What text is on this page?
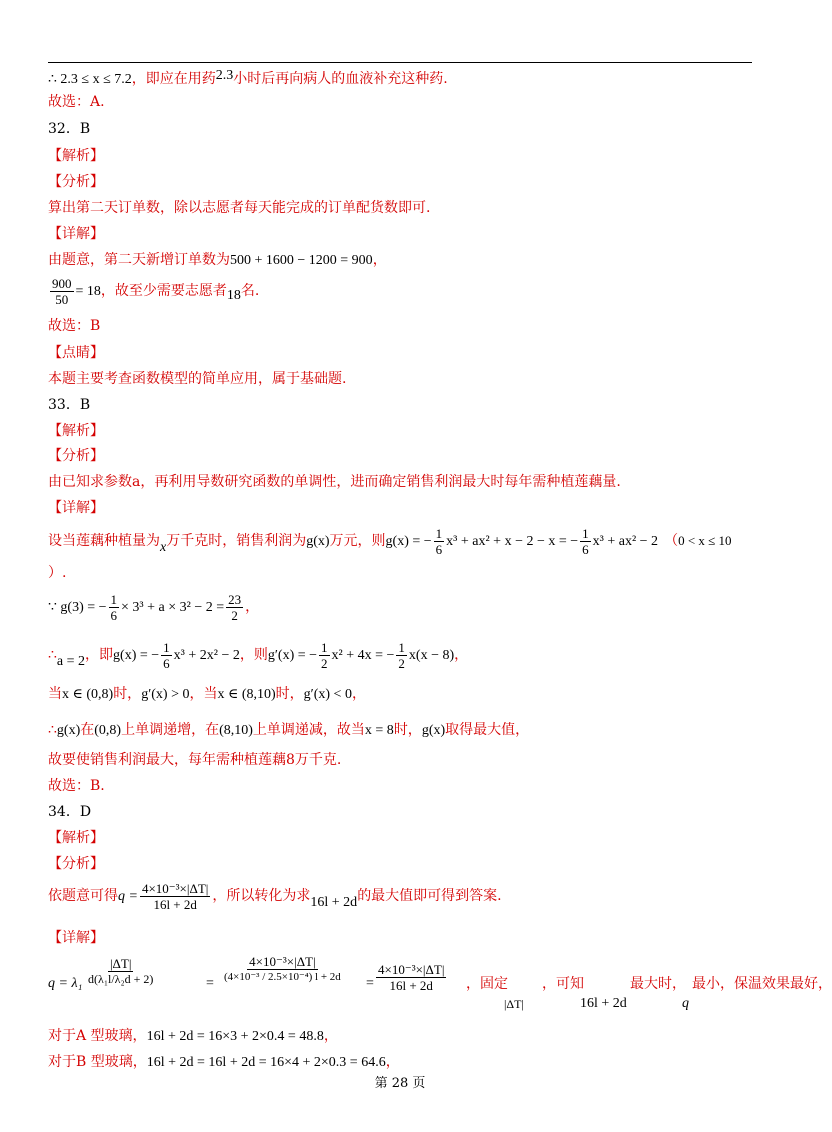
∴ 2.3 ≤ x ≤ 7.2，即应在用药2.3小时后再向病人的血液补充这种药.
故选：A.
32．B
【解析】
【分析】
算出第二天订单数，除以志愿者每天能完成的订单配货数即可.
【详解】
由题意，第二天新增订单数为500 + 1600 − 1200 = 900，
$\frac{900}{50} = 18$，故至少需要志愿者18名.
故选：B
【点睛】
本题主要考查函数模型的简单应用，属于基础题.
33．B
【解析】
【分析】
由已知求参数a，再利用导数研究函数的单调性，进而确定销售利润最大时每年需种植莲藕量.
【详解】
设当莲藕种植量为x万千克时，销售利润为g(x)万元，则g(x) = − $\frac{1}{6} x^3 + ax^2 + x - 2 - x$ = − $\frac{1}{6} x^3 + ax^2 - 2$ （0 < x ≤ 10
）.
∵ g(3) = − $\frac{1}{6} \times 3^3 + a \times 3^2 - 2 = \frac{23}{2}$ ，
∴a = 2，即g(x) = − $\frac{1}{6} x^3 + 2x^2 - 2$，则g′(x) = − $\frac{1}{2} x^2 + 4x$ = − $\frac{1}{2} x(x - 8)$，
当x ∈ (0,8)时，g′(x) > 0，当x ∈ (8,10)时，g′(x) < 0，
∴g(x)在(0,8)上单调递增，在(8,10)上单调递减，故当x = 8时，g(x)取得最大值，
故要使销售利润最大，每年需种植莲藕8万千克.
故选：B.
34．D
【解析】
【分析】
依题意可得$q = \frac{\text{4×10⁻³×|ΔT|}}{16l + 2d}$ ，所以转化为求16l + 2d的最大值即可得到答案.
【详解】
$q = \lambda_1 \frac{|\Delta T|}{\text{d(λ₁l/λ₂d + 2)}}$	=
4×10⁻³×|ΔT|
(4×10⁻³ / 2.5×10⁻⁴) $l + 2d = \frac{\text{4×10⁻³×|ΔT|}}{16l + 2d}$ ，固定
|ΔT|
，可知
16l + 2d
最大时，
q
最小，保温效果最好，
对于A 型玻璃，16l + 2d = 16×3 + 2×0.4 = 48.8，
对于B 型玻璃，16l + 2d = 16l + 2d = 16×4 + 2×0.3 = 64.6，
第 28 页
